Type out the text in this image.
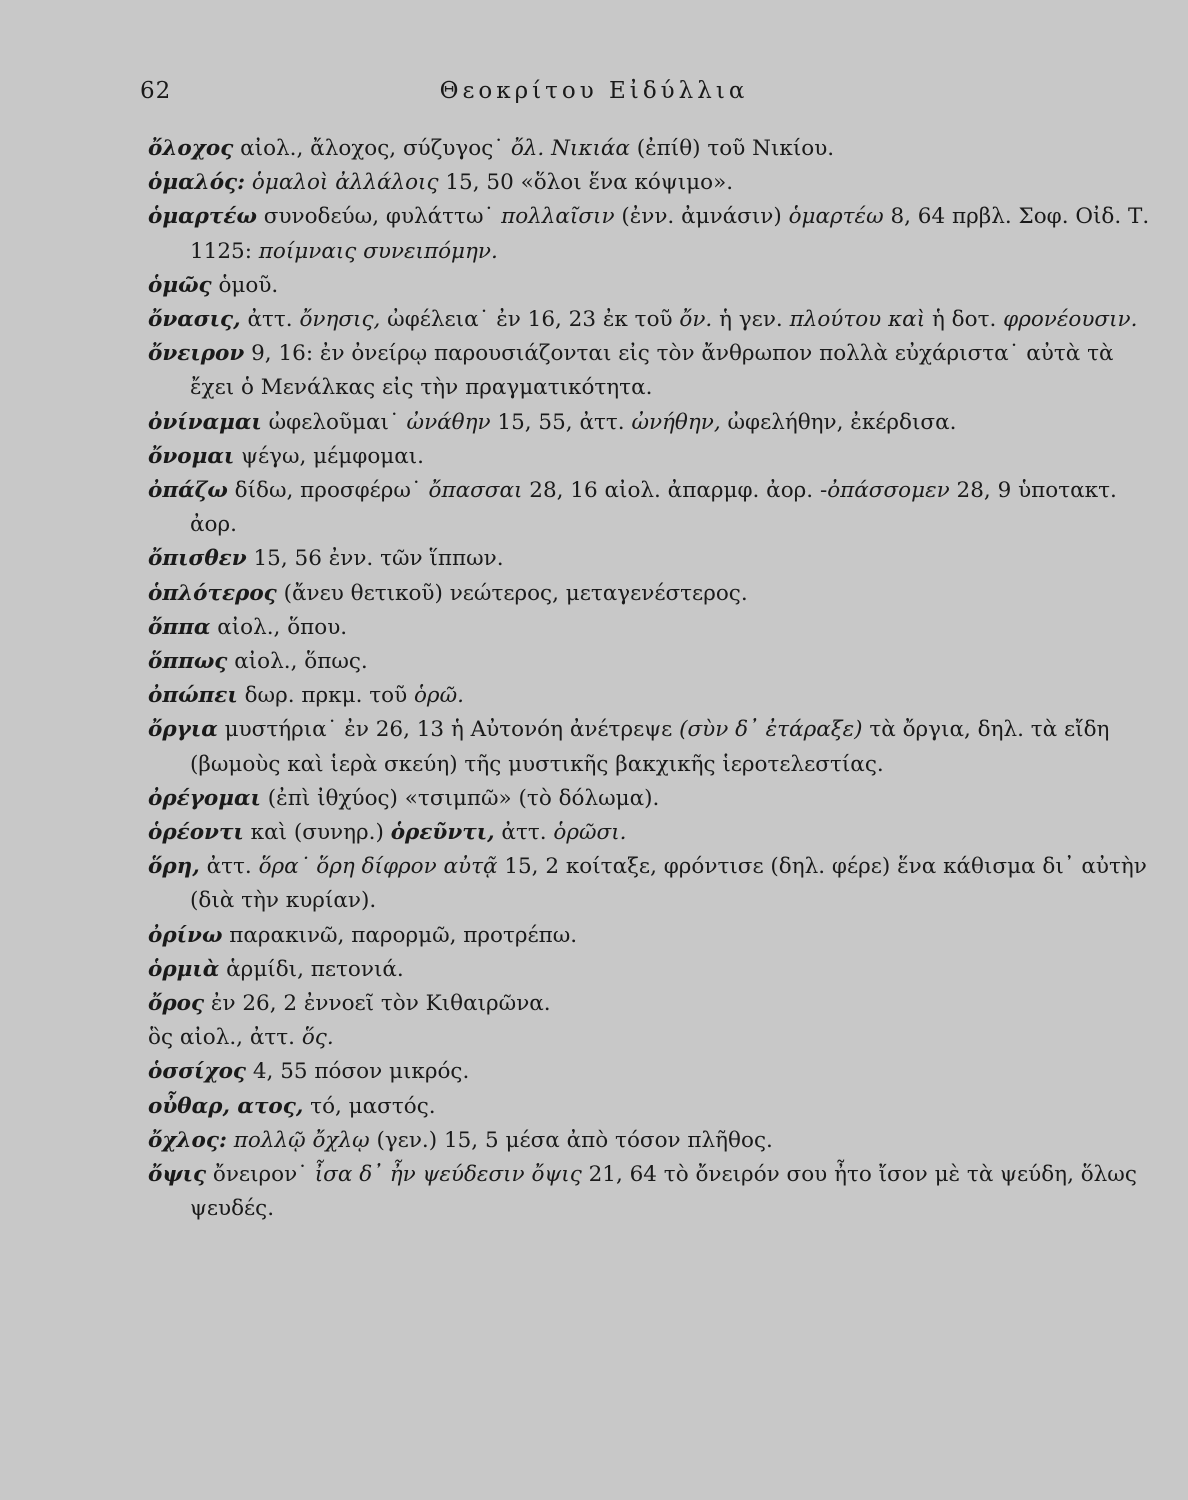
62	Θεοκρίτου Εἰδύλλια
ὄλοχος αἰολ., ἄλοχος, σύζυγος˙ ὄλ. Νικιάα (ἐπίθ) τοῦ Νικίου.
ὁμαλός: ὁμαλοὶ ἀλλάλοις 15, 50 «ὅλοι ἕνα κόψιμο».
ὁμαρτέω συνοδεύω, φυλάττω˙ πολλαῖσιν (ἐνν. ἀμνάσιν) ὁμαρτέω 8, 64 πρβλ. Σοφ. Οἰδ. Τ. 1125: ποίμναις συνειπόμην.
ὁμῶς ὁμοῦ.
ὄνασις, ἀττ. ὄνησις, ὠφέλεια˙ ἐν 16, 23 ἐκ τοῦ ὄν. ἡ γεν. πλούτου καὶ ἡ δοτ. φρονέουσιν.
ὄνειρον 9, 16: ἐν ὀνείρῳ παρουσιάζονται εἰς τὸν ἄνθρωπον πολλὰ εὐχάριστα˙ αὐτὰ τὰ ἔχει ὁ Μενάλκας εἰς τὴν πραγματικότητα.
ὀνίναμαι ὠφελοῦμαι˙ ὠνάθην 15, 55, ἀττ. ὠνήθην, ὠφελήθην, ἐκέρδισα.
ὄνομαι ψέγω, μέμφομαι.
ὀπάζω δίδω, προσφέρω˙ ὄπασσαι 28, 16 αἰολ. ἀπαρμφ. ἀορ. -ὀπάσσομεν 28, 9 ὑποτακτ. ἀορ.
ὄπισθεν 15, 56 ἐνν. τῶν ἵππων.
ὁπλότερος (ἄνευ θετικοῦ) νεώτερος, μεταγενέστερος.
ὄππα αἰολ., ὅπου.
ὅππως αἰολ., ὅπως.
ὀπώπει δωρ. πρκμ. τοῦ ὁρῶ.
ὄργια μυστήρια˙ ἐν 26, 13 ἡ Αὐτονόη ἀνέτρεψε (σὺν δ᾽ ἐτάραξε) τὰ ὄργια, δηλ. τὰ εἴδη (βωμοὺς καὶ ἱερὰ σκεύη) τῆς μυστικῆς βακχικῆς ἱεροτελεστίας.
ὀρέγομαι (ἐπὶ ἰθχύος) «τσιμπῶ» (τὸ δόλωμα).
ὁρέοντι καὶ (συνηρ.) ὁρεῦντι, ἀττ. ὁρῶσι.
ὅρη, ἀττ. ὅρα˙ ὅρη δίφρον αὐτᾷ 15, 2 κοίταξε, φρόντισε (δηλ. φέρε) ἕνα κάθισμα δι᾽ αὐτὴν (διὰ τὴν κυρίαν).
ὀρίνω παρακινῶ, παρορμῶ, προτρέπω.
ὁρμιὰ ἁρμίδι, πετονιά.
ὄρος ἐν 26, 2 ἐννοεῖ τὸν Κιθαιρῶνα.
ὃς αἰολ., ἀττ. ὅς.
ὁσσίχος 4, 55 πόσον μικρός.
οὖθαρ, ατος, τό, μαστός.
ὄχλος: πολλῷ ὄχλῳ (γεν.) 15, 5 μέσα ἀπὸ τόσον πλῆθος.
ὄψις ὄνειρον˙ ἶσα δ᾽ ἦν ψεύδεσιν ὄψις 21, 64 τὸ ὄνειρόν σου ἦτο ἴσον μὲ τὰ ψεύδη, ὅλως ψευδές.
